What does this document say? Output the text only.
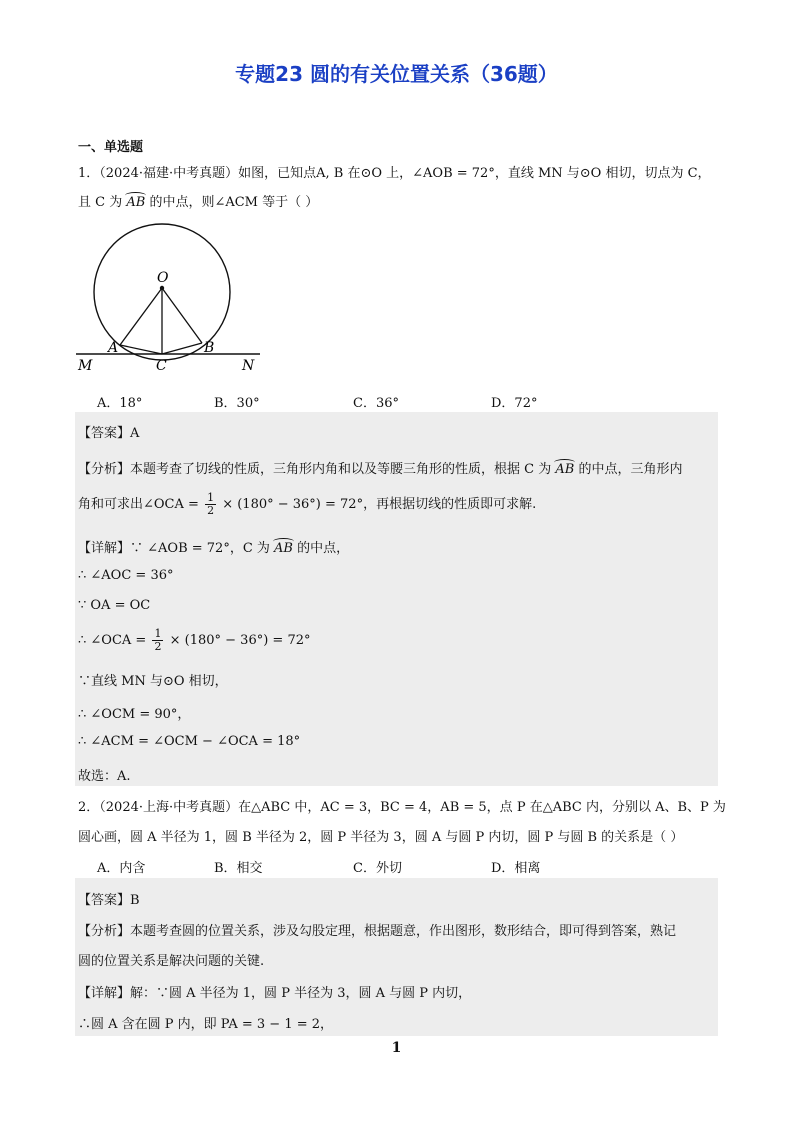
专题23 圆的有关位置关系（36题）
一、单选题
1．（2024·福建·中考真题）如图，已知点A, B 在⊙O 上，∠AOB = 72°，直线 MN 与⊙O 相切，切点为 C，
且 C 为 AB 的中点，则∠ACM 等于（ ）
O
A	B
M	C	N
A．18°	B．30°	C．36°	D．72°
【答案】A
【分析】本题考查了切线的性质，三角形内角和以及等腰三角形的性质，根据 C 为 AB 的中点，三角形内
角和可求出∠OCA = $\frac{1}{2} \times (180^\circ - 36^\circ) = 72^\circ$，再根据切线的性质即可求解.
【详解】∵ ∠AOB = 72°，C 为 AB 的中点，
∴ ∠AOC = 36°
∵ OA = OC
∴ ∠OCA = $\frac{1}{2} \times (180^\circ - 36^\circ) = 72^\circ$
∵直线 MN 与⊙O 相切，
∴ ∠OCM = 90°，
∴ ∠ACM = ∠OCM − ∠OCA = 18°
故选：A.
2．（2024·上海·中考真题）在△ABC 中，AC = 3，BC = 4，AB = 5，点 P 在△ABC 内，分别以 A、B、P 为
圆心画，圆 A 半径为 1，圆 B 半径为 2，圆 P 半径为 3，圆 A 与圆 P 内切，圆 P 与圆 B 的关系是（ ）
A．内含	B．相交	C．外切	D．相离
【答案】B
【分析】本题考查圆的位置关系，涉及勾股定理，根据题意，作出图形，数形结合，即可得到答案，熟记
圆的位置关系是解决问题的关键.
【详解】解：∵圆 A 半径为 1，圆 P 半径为 3，圆 A 与圆 P 内切，
∴圆 A 含在圆 P 内，即 PA = 3 − 1 = 2，
1
